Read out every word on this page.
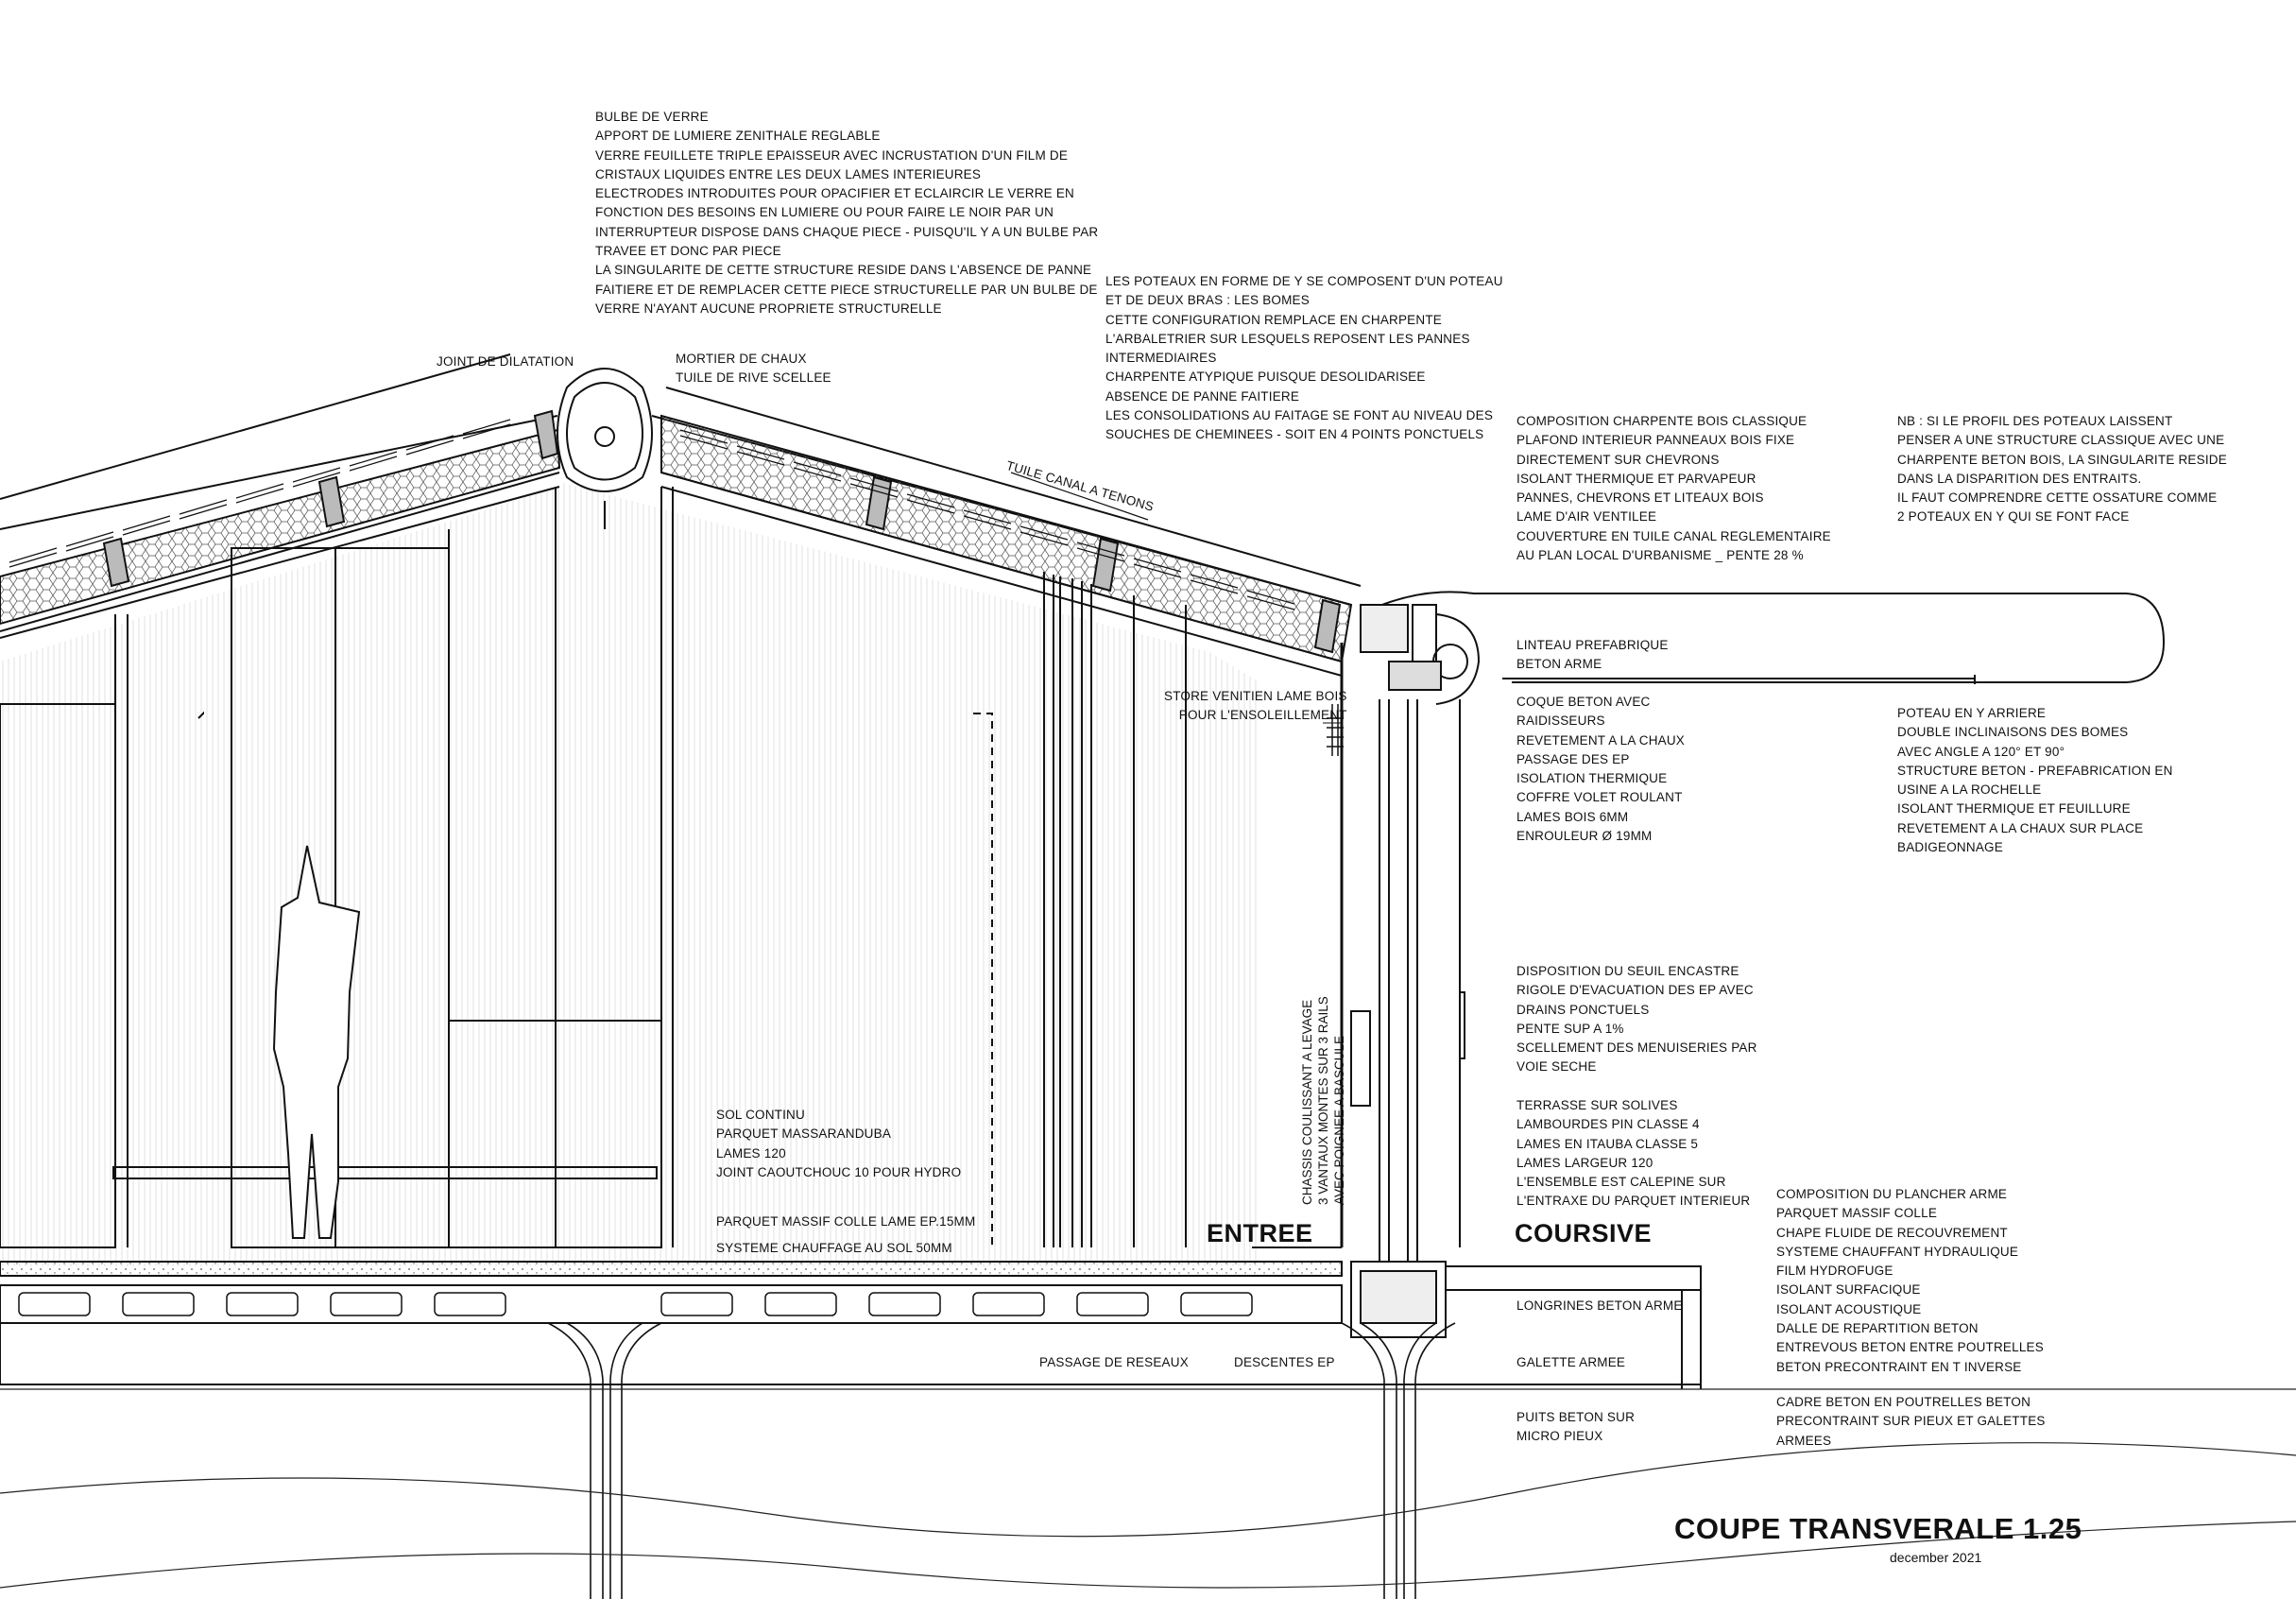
BULBE DE VERRE
APPORT DE LUMIERE ZENITHALE REGLABLE
VERRE FEUILLETE TRIPLE EPAISSEUR AVEC INCRUSTATION D'UN FILM DE
CRISTAUX LIQUIDES ENTRE LES DEUX LAMES INTERIEURES
ELECTRODES INTRODUITES POUR OPACIFIER ET ECLAIRCIR LE VERRE EN
FONCTION DES BESOINS EN LUMIERE OU POUR FAIRE LE NOIR PAR UN
INTERRUPTEUR DISPOSE DANS CHAQUE PIECE - PUISQU'IL Y A UN BULBE PAR
TRAVEE ET DONC PAR PIECE
LA SINGULARITE DE CETTE STRUCTURE RESIDE DANS L'ABSENCE DE PANNE
FAITIERE ET DE REMPLACER CETTE PIECE STRUCTURELLE PAR UN BULBE DE
VERRE N'AYANT AUCUNE PROPRIETE STRUCTURELLE
JOINT DE DILATATION	MORTIER DE CHAUX
TUILE DE RIVE SCELLEE
LES POTEAUX EN FORME DE Y SE COMPOSENT D'UN POTEAU
ET DE DEUX BRAS : LES BOMES
CETTE CONFIGURATION REMPLACE EN CHARPENTE
L'ARBALETRIER SUR LESQUELS REPOSENT LES PANNES
INTERMEDIAIRES
CHARPENTE ATYPIQUE PUISQUE DESOLIDARISEE
ABSENCE DE PANNE FAITIERE
LES CONSOLIDATIONS AU FAITAGE SE FONT AU NIVEAU DES
SOUCHES DE CHEMINEES - SOIT EN 4 POINTS PONCTUELS
TUILE CANAL A TENONS
COMPOSITION CHARPENTE BOIS CLASSIQUE
PLAFOND INTERIEUR PANNEAUX BOIS FIXE
DIRECTEMENT SUR CHEVRONS
ISOLANT THERMIQUE ET PARVAPEUR
PANNES, CHEVRONS ET LITEAUX BOIS
LAME D'AIR VENTILEE
COUVERTURE EN TUILE CANAL REGLEMENTAIRE
AU PLAN LOCAL D'URBANISME _ PENTE 28 %
NB : SI LE PROFIL DES POTEAUX LAISSENT
PENSER A UNE STRUCTURE CLASSIQUE AVEC UNE
CHARPENTE BETON BOIS, LA SINGULARITE RESIDE
DANS LA DISPARITION DES ENTRAITS.
IL FAUT COMPRENDRE CETTE OSSATURE COMME
2 POTEAUX EN Y QUI SE FONT FACE
LINTEAU PREFABRIQUE
BETON ARME
STORE VENITIEN LAME BOIS
POUR L'ENSOLEILLEMENT
COQUE BETON AVEC
RAIDISSEURS
REVETEMENT A LA CHAUX
PASSAGE DES EP
ISOLATION THERMIQUE
COFFRE VOLET ROULANT
LAMES BOIS 6MM
ENROULEUR Ø 19MM
POTEAU EN Y ARRIERE
DOUBLE INCLINAISONS DES BOMES
AVEC ANGLE A 120° ET 90°
STRUCTURE BETON - PREFABRICATION EN
USINE A LA ROCHELLE
ISOLANT THERMIQUE ET FEUILLURE
REVETEMENT A LA CHAUX SUR PLACE
BADIGEONNAGE
DISPOSITION DU SEUIL ENCASTRE
RIGOLE D'EVACUATION DES EP AVEC
DRAINS PONCTUELS
PENTE SUP A 1%
SCELLEMENT DES MENUISERIES PAR
VOIE SECHE
TERRASSE SUR SOLIVES
LAMBOURDES PIN CLASSE 4
LAMES EN ITAUBA CLASSE 5
LAMES LARGEUR 120
L'ENSEMBLE EST CALEPINE SUR
L'ENTRAXE DU PARQUET INTERIEUR
SOL CONTINU
PARQUET MASSARANDUBA
LAMES 120
JOINT CAOUTCHOUC 10 POUR HYDRO
PARQUET MASSIF COLLE LAME EP.15MM
SYSTEME CHAUFFAGE AU SOL 50MM
ENTREE	COURSIVE
COMPOSITION DU PLANCHER ARME
PARQUET MASSIF COLLE
CHAPE FLUIDE DE RECOUVREMENT
SYSTEME CHAUFFANT HYDRAULIQUE
FILM HYDROFUGE
ISOLANT SURFACIQUE
ISOLANT ACOUSTIQUE
DALLE DE REPARTITION BETON
ENTREVOUS BETON ENTRE POUTRELLES
BETON PRECONTRAINT EN T INVERSE
LONGRINES BETON ARME
GALETTE ARMEE
PASSAGE DE RESEAUX	DESCENTES EP
PUITS BETON SUR
MICRO PIEUX
CADRE BETON EN POUTRELLES BETON
PRECONTRAINT SUR PIEUX ET GALETTES
ARMEES
CHASSIS COULISSANT A LEVAGE 3 VANTAUX MONTES SUR 3 RAILS AVEC POIGNEE A BASCULE
COUPE TRANSVERALE 1.25
december 2021
